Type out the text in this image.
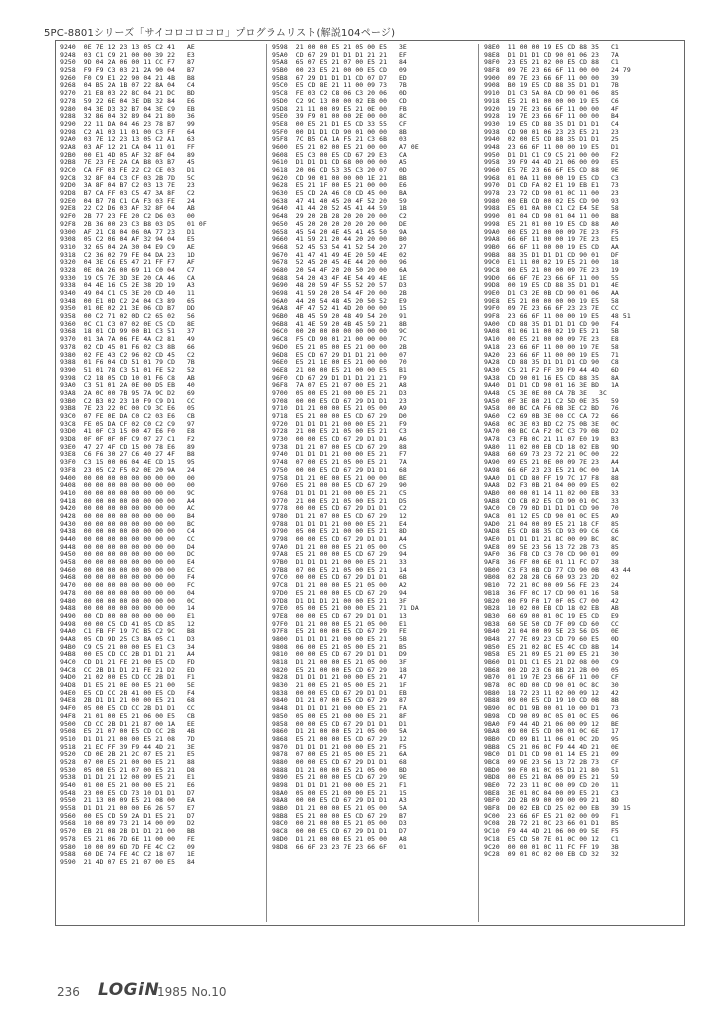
5PC-8801シリーズ「サイコロコロコロ」プログラムリスト(解説104ページ)
9240  0E 7E 12 23 13 05 C2 41   AE
9248  03 C1 C9 21 00 00 39 22   E3
9250  9D 04 2A 06 00 11 CC F7   87
9258  F9 F9 C3 03 21 2A 90 04   B7
9260  F0 C9 E1 22 90 04 21 4B   B8
9268  04 B5 2A 1B 07 22 8A 04   C4
9270  21 E8 03 22 8C 04 21 DC   BD
9278  59 22 6E 04 3E DB 32 84   E6
9280  04 3E D3 32 B7 04 3E C9   EB
9288  32 86 04 32 89 04 21 80   36
9290  22 11 DA 04 46 23 78 B7   99
9298  C2 A1 03 11 01 00 C3 FF   64
92A0  03 7E 12 23 13 05 C2 A1   63
92A8  03 AF 12 21 CA 04 11 01   FF
92B0  00 E1 4D 05 AF 32 8F 04   89
92B8  7E 23 FE 2A CA B8 03 B7   45
92C0  CA FF 03 FE 22 C2 CE 03   D1
92C8  32 8F 04 C3 CF 03 2B 7D   5C
92D0  3A 8F 04 B7 C2 03 13 7E   23
92D8  B7 CA FF 03 C5 47 3A 8F   C2
92E0  04 B7 78 C1 CA F3 03 FE   24
92E8  22 C2 D6 03 AF 32 8F 04   AB
92F0  2B 77 23 FE 20 C2 D6 03   00
92F8  2B 36 00 23 C3 B8 03 D5   01 0F
9300  AF 21 C8 04 06 0A 77 23   D1
9308  05 C2 06 04 AF 32 94 04   E5
9310  32 65 04 2A 30 04 E9 C9   AE
9318  C2 36 02 79 FE 04 DA 23   1D
9320  04 3E C6 E5 47 21 FF F7   AF
9328  0E 0A 26 00 69 11 C0 04   C7
9330  19 C5 7E 3D 3E 20 CA 46   CA
9338  04 4E 16 C5 2E 38 2D 19   A3
9340  49 04 C1 C5 3E 20 CD 40   11
9348  00 E1 0D C2 24 04 C3 89   65
9350  01 0E 02 21 3E 06 CD B7   DD
9358  00 C2 71 02 0D C2 65 02   56
9360  0C C1 C3 07 02 0E C5 CD   8E
9368  18 01 CD 99 00 B1 C3 51   37
9370  01 3A 7A 06 FE 4A C2 81   49
9378  02 CD 45 01 F6 02 C3 8B   66
9380  02 FE 43 C2 96 02 CD 45   C2
9388  01 F6 04 CD 51 01 79 CD   7B
9390  51 01 78 C3 51 01 FE 52   52
9398  C2 18 05 CD 10 01 F6 C8   AB
93A0  C3 51 01 2A 0E 00 D5 EB   40
93A8  2A 0C 00 7B 95 7A 9C D2   69
93B0  C2 B3 02 23 10 F9 C9 D1   CC
93B8  7E 23 22 0C 00 C9 3C E6   05
93C0  07 FE 0E DA C0 C2 03 E6   CB
93C8  FE 05 DA CF 02 C0 C2 C9   97
93D0  41 0F C3 15 00 47 E6 F0   E8
93D8  0F 0F 0F 0F C9 07 27 C1   F2
93E0  47 27 4F CD 15 00 78 E6   89
93E8  C6 F6 30 27 C6 40 27 4F   B8
93F0  C3 15 00 06 04 4E CD 15   95
93F8  23 05 C2 F5 02 0E 20 9A   24
9400  00 00 00 00 00 00 00 00   00
9408  00 00 00 00 00 00 00 00   00
9410  00 00 00 00 00 00 00 00   9C
9418  00 00 00 00 00 00 00 00   A4
9420  00 00 00 00 00 00 00 00   AC
9428  00 00 00 00 00 00 00 00   B4
9430  00 00 00 00 00 00 00 00   BC
9438  00 00 00 00 00 00 00 00   C4
9440  00 00 00 00 00 00 00 00   CC
9448  00 00 00 00 00 00 00 00   D4
9450  00 00 00 00 00 00 00 00   DC
9458  00 00 00 00 00 00 00 00   E4
9460  00 00 00 00 00 00 00 00   EC
9468  00 00 00 00 00 00 00 00   F4
9470  00 00 00 00 00 00 00 00   FC
9478  00 00 00 00 00 00 00 00   04
9480  00 00 00 00 00 00 00 00   0C
9488  00 00 00 00 00 00 00 00   14
9490  00 CD 00 00 00 00 00 00   E1
9498  00 00 C5 CD 41 05 CD 85   12
94A0  C1 FB FF 19 7C B5 C2 9C   B8
94A8  05 CD 9D 25 C3 8A 05 C1   D3
94B0  C9 C5 21 00 00 E5 E1 C3   34
94B8  00 E5 CD CC 2B D1 D1 21   A4
94C0  CD D1 21 FE 21 00 E5 CD   FD
94C8  CC 2B D1 D1 21 FE 21 D2   ED
94D0  21 02 00 E5 CD CC 2B D1   F1
94D8  D1 E5 21 0E 00 E5 21 00   5E
94E0  E5 CD CC 2B 41 00 E5 CD   F4
94E8  2B D1 D1 21 00 00 E5 21   68
94F0  05 00 E5 CD CC 2B D1 D1   CC
94F8  21 01 00 E5 21 06 00 E5   CB
9500  CD CC 2B D1 21 87 00 1A   EE
9508  E5 21 07 00 E5 CD CC 2B   4B
9510  D1 D1 21 00 00 E5 21 08   7D
9518  21 EC FF 39 F9 44 4D 21   3E
9520  CD 0E 2B 21 2C 07 E5 21   E5
9528  07 00 E5 21 00 00 E5 21   88
9530  05 00 E5 21 07 00 E5 21   D8
9538  D1 D1 21 12 00 09 E5 21   E1
9540  01 00 E5 21 00 00 E5 21   E6
9548  23 00 E5 CD 73 10 D1 D1   D7
9550  21 13 00 09 E5 21 08 00   EA
9558  D1 D1 21 00 00 E6 26 57   E7
9560  00 E5 CD 59 2A D1 E5 21   D7
9568  10 00 09 73 21 14 00 09   D2
9570  EB 21 08 2B D1 D1 21 00   BB
9578  E5 21 06 7D 6E 11 00 00   FE
9580  10 00 09 6D 7D FE 4C C2   09
9588  60 DE 74 FE 4C C2 18 07   1E
9590  21 4D 07 E5 21 07 00 E5   84
9598  21 00 00 E5 21 05 00 E5   3E
95A0  CD 67 29 D1 D1 D1 21 21   EF
95A8  65 07 E5 21 07 00 E5 21   84
95B0  00 23 E5 21 00 00 E5 CD   09
95B8  67 29 D1 D1 D1 CD 07 D7   ED
95C0  E5 CD 8E 21 11 00 09 73   7B
95C8  FE 03 C2 C8 06 C3 20 06   0D
95D0  C2 9C 13 00 00 02 EB 00   CD
95D8  21 11 00 09 E5 21 0E 00   FB
95E0  39 F9 01 00 00 2E 00 00   8C
95E8  00 E5 21 D1 E5 CD 33 55   CF
95F0  00 D1 D1 CD 90 01 00 00   8B
95F8  7C B5 CA 1A F5 21 C3 6B   03
9600  E5 21 02 00 E5 21 00 00   A7 0E
9608  E5 C3 00 E5 CD 67 29 E3   CA
9610  D1 D1 D1 CD 68 00 00 00   A5
9618  20 06 CD 53 35 C3 20 07   0D
9620  CD 90 01 00 00 00 1E 21   BB
9628  E5 21 1F 00 E5 21 00 00   E6
9630  E5 CD 2A 46 C0 CD 45 00   BA
9638  47 41 40 45 20 4F 52 20   59
9640  41 44 20 52 45 41 44 59   1B
9648  29 20 2B 28 20 20 20 00   C2
9650  45 20 20 20 20 20 20 00   DE
9658  45 54 20 4E 45 41 45 50   9A
9660  41 59 21 20 44 20 20 00   B0
9668  52 45 53 54 41 52 54 20   27
9670  41 47 41 49 4E 20 59 4E   02
9678  52 45 20 45 4E 44 20 00   96
9680  20 54 4F 20 20 50 20 00   6A
9688  54 20 43 4F 4E 54 49 4E   1E
9690  48 20 59 4F 55 52 20 57   D3
9698  41 59 20 20 54 4F 20 00   2B
96A0  44 20 54 48 45 20 50 52   E9
96A8  4F 47 52 41 4D 20 00 00   15
96B0  4B 45 59 20 48 49 54 20   91
96B8  41 4E 59 20 4B 45 59 21   8B
96C0  00 20 00 00 00 00 00 00   9C
96C8  F5 CD 90 01 21 00 00 00   7C
96D0  E5 21 05 00 E5 21 00 00   2B
96D8  E5 CD 67 29 D1 D1 21 00   07
96E0  E5 21 1E 00 E5 21 00 00   70
96E8  21 00 00 E5 21 00 00 E5   B1
96F0  CD 67 29 D1 D1 D1 21 21   F9
96F8  7A 07 E5 21 07 00 E5 21   A8
9700  05 00 E5 21 00 00 E5 21   D3
9708  00 00 E5 CD 67 29 D1 D1   23
9710  D1 21 00 00 E5 21 05 00   A9
9718  E5 21 00 00 E5 CD 67 29   D0
9720  D1 D1 D1 21 00 00 E5 21   F9
9728  21 00 E5 21 05 00 E5 21   C3
9730  00 00 E5 CD 67 29 D1 D1   A6
9738  D1 21 07 00 E5 CD 67 29   88
9740  D1 D1 D1 21 00 00 E5 21   F7
9748  07 00 E5 21 05 00 E5 21   7A
9750  00 00 E5 CD 67 29 D1 D1   68
9758  D1 21 0E 00 E5 21 00 00   BE
9760  E5 21 00 00 E5 CD 67 29   90
9768  D1 D1 D1 21 00 00 E5 21   C5
9770  21 00 E5 21 05 00 E5 21   D5
9778  00 00 E5 CD 67 29 D1 D1   C2
9780  D1 21 07 00 E5 CD 67 29   12
9788  D1 D1 D1 21 00 00 E5 21   E4
9790  05 00 E5 21 00 00 E5 21   8D
9798  00 00 E5 CD 67 29 D1 D1   A4
97A0  D1 21 00 00 E5 21 05 00   C5
97A8  E5 21 00 00 E5 CD 67 29   94
97B0  D1 D1 D1 21 00 00 E5 21   33
97B8  07 00 E5 21 05 00 E5 21   14
97C0  00 00 E5 CD 67 29 D1 D1   6B
97C8  D1 21 00 00 E5 21 05 00   A2
97D0  E5 21 00 00 E5 CD 67 29   94
97D8  D1 D1 D1 21 00 00 E5 21   3F
97E0  05 00 E5 21 00 00 E5 21   71 DA
97E8  00 00 E5 CD 67 29 D1 D1   13
97F0  D1 21 00 00 E5 21 05 00   E1
97F8  E5 21 00 00 E5 CD 67 29   FE
9800  D1 D1 D1 21 00 00 E5 21   5B
9808  06 00 E5 21 05 00 E5 21   B5
9810  00 00 E5 CD 67 29 D1 D1   D9
9818  D1 21 00 00 E5 21 05 00   3F
9820  E5 21 00 00 E5 CD 67 29   18
9828  D1 D1 D1 21 00 00 E5 21   47
9830  21 00 E5 21 05 00 E5 21   1F
9838  00 00 E5 CD 67 29 D1 D1   EB
9840  D1 21 07 00 E5 CD 67 29   87
9848  D1 D1 D1 21 00 00 E5 21   FA
9850  05 00 E5 21 00 00 E5 21   8F
9858  00 00 E5 CD 67 29 D1 D1   D1
9860  D1 21 00 00 E5 21 05 00   5A
9868  E5 21 00 00 E5 CD 67 29   12
9870  D1 D1 D1 21 00 00 E5 21   F5
9878  07 00 E5 21 05 00 E5 21   6A
9880  00 00 E5 CD 67 29 D1 D1   68
9888  D1 21 00 00 E5 21 05 00   BD
9890  E5 21 00 00 E5 CD 67 29   9E
9898  D1 D1 D1 21 00 00 E5 21   F1
98A0  05 00 E5 21 00 00 E5 21   15
98A8  00 00 E5 CD 67 29 D1 D1   A3
98B0  D1 21 00 00 E5 21 05 00   5A
98B8  E5 21 00 00 E5 CD 67 29   B7
98C0  00 21 00 00 E5 21 05 00   D3
98C8  00 00 E5 CD 67 29 D1 D1   D7
98D0  D1 21 00 00 E5 21 05 00   A8
98D8  66 6F 23 23 7E 23 66 6F   01
98E0  11 00 00 19 E5 CD 88 35   C1
98E8  D1 D1 D1 CD 90 01 06 23   7A
98F0  23 E5 21 02 00 E5 CD 88   C1
98F8  09 7E 23 66 6F 11 00 00   24 79
9900  09 7E 23 66 6F 11 00 00   39
9908  B0 19 E5 CD 88 35 D1 D1   7B
9910  D1 C3 5A 0A CD 90 01 06   85
9918  E5 21 01 00 00 00 19 E5   C6
9920  19 7E 23 66 6F 11 00 00   4F
9928  19 7E 23 66 6F 11 00 00   B4
9930  19 E5 CD 88 35 D1 D1 D1   C4
9938  CD 90 01 06 23 23 E5 21   23
9940  02 00 E5 CD 88 35 D1 D1   25
9948  23 66 6F 11 00 00 19 E5   D1
9950  D1 D1 C1 C9 C5 21 00 00   F2
9958  39 F9 44 4D 21 06 00 09   E5
9960  E5 7E 23 66 6F E5 CD 88   9E
9968  01 0A 11 00 00 19 E5 CD   C3
9970  D1 CD FA 02 E1 19 EB E1   73
9978  23 72 CD 90 01 0C 11 00   23
9980  00 EB CD 00 02 E5 CD 90   93
9988  E5 01 0A 00 C1 C2 E4 5E   58
9990  01 04 CD 90 01 04 11 00   B8
9998  E5 21 01 00 19 E5 CD 88   A0
99A0  00 E5 21 00 00 09 7E 23   F5
99A8  66 6F 11 00 00 19 7E 23   E5
99B0  66 6F 11 00 00 19 E5 CD   AA
99B8  88 35 D1 D1 D1 CD 90 01   DF
99C0  E1 11 00 02 19 E5 21 00   18
99C8  00 E5 21 00 00 09 7E 23   19
99D0  66 6F 7E 23 66 6F 11 00   55
99D8  00 19 E5 CD 88 35 D1 D1   4E
99E0  D1 C3 2E 0B CD 90 01 06   AA
99E8  E5 21 00 00 00 00 19 E5   58
99F0  09 7E 23 66 6F 23 23 7E   CC
99F8  23 66 6F 11 00 00 19 E5   48 51
9A00  CD 88 35 D1 D1 D1 CD 90   F4
9A08  01 06 11 00 02 19 E5 21   5B
9A10  00 E5 21 00 00 09 7E 23   E8
9A18  23 66 6F 11 00 00 19 7E   58
9A20  23 66 6F 11 00 00 19 E5   71
9A28  CD 88 35 D1 D1 D1 CD 90   C8
9A30  C5 21 F2 FF 39 F9 44 4D   6D
9A38  CD 90 01 16 E5 CD 88 35   8A
9A40  D1 D1 CD 90 01 16 3E BD   1A
9A48  C5 3E 0E 00 CA 7B 3E   3C
9A50  0F 3E 80 21 C2 5D 0E 35   59
9A58  00 BC CA F6 0B 3E C2 BD   76
9A60  C2 69 0B 3E 00 CC CA 72   66
9A68  0C 3E 03 BD C2 75 0B 3E   0C
9A70  00 BC CA F2 0C C3 79 0B   D2
9A78  C3 FB 0C 21 11 07 E0 19   B3
9A80  11 02 00 EB CD 18 02 EB   9D
9A88  60 69 73 23 72 21 0C 00   22
9A90  09 E5 21 0E 00 09 7E 23   A4
9A98  66 6F 23 23 E5 21 0C 00   1A
9AA0  D1 CD 80 FF 19 7C 17 F8   88
9AA8  D2 F3 0B 21 04 00 09 E5   02
9AB0  00 00 01 14 11 02 00 EB   33
9AB8  CD CB 02 E5 CD 90 01 0C   33
9AC0  C0 79 0D D1 D1 D1 CD 90   70
9AC8  01 12 E5 CD 90 01 0C E5   A9
9AD0  21 04 00 09 E5 21 18 CF   85
9AD8  E5 CD 88 35 CD 93 09 C6   C6
9AE0  D1 D1 D1 21 8C 00 09 BC   8C
9AE8  09 5E 23 56 13 72 2B 73   85
9AF0  36 F8 CD C3 70 CD 90 01   09
9AF8  36 FF 00 6E 01 11 FC D7   38
9B00  C3 F3 0B CD 77 CD 90 0B   43 44
9B08  02 28 28 C6 60 93 23 2D   02
9B10  72 21 0C 00 09 56 FE 23   24
9B18  36 FF 0C 17 CD 90 01 16   58
9B20  00 F9 F0 17 0F 05 C7 00   42
9B28  10 02 00 EB CD 18 02 EB   AB
9B30  60 69 00 01 0C 19 E5 CD   E9
9B38  60 5E 50 CD 7F 09 CD 60   CC
9B40  21 04 00 09 5E 23 56 D5   0E
9B48  27 7E 09 23 CD 79 60 E5   0D
9B50  E5 21 02 8C E5 4C CD 8B   14
9B58  E5 21 09 E5 21 09 E5 21   30
9B60  D1 D1 C1 E5 21 D2 08 00   C9
9B68  00 2D 23 C6 8B 21 2B 00   05
9B70  01 19 7E 23 66 6F 11 00   CF
9B78  0C 0D 00 CD 90 01 0C 8C   30
9B80  18 72 23 11 02 00 09 12   42
9B88  09 00 E5 CD 19 10 CD 0B   8B
9B90  0C D1 9B 00 01 10 00 D1   73
9B98  CD 90 09 0C 05 01 0C E5   06
9BA0  F9 44 4D 21 06 00 09 12   BE
9BA8  09 00 E5 CD 00 01 0C 6E   17
9BB0  CD 09 B1 11 06 01 0C 2D   95
9BB8  C5 21 06 0C F9 44 4D 21   0E
9BC0  D1 D1 CD 90 01 14 E5 21   09
9BC8  09 9E 23 56 13 72 2B 73   CF
9BD0  90 F0 01 0C 05 D1 21 80   51
9BD8  00 E5 21 0A 00 09 E5 21   59
9BE0  72 23 11 0C 00 09 CD 20   11
9BE8  3E 01 0C 04 00 09 E5 21   C3
9BF0  2D 2B 09 00 09 00 09 21   8D
9BF8  D0 02 EB CD 25 02 00 EB   39 15
9C00  23 66 6F E5 21 02 00 09   F1
9C08  2B 72 21 0C 23 66 01 D1   B5
9C10  F9 44 4D 21 06 00 09 5E   F5
9C18  E5 CD 50 7E 01 0C 00 12   C1
9C20  00 00 01 0C 11 FC FF 19   3B
9C28  09 01 0C 02 00 EB CD 32   32
236 LOGiN
1985 No.10
